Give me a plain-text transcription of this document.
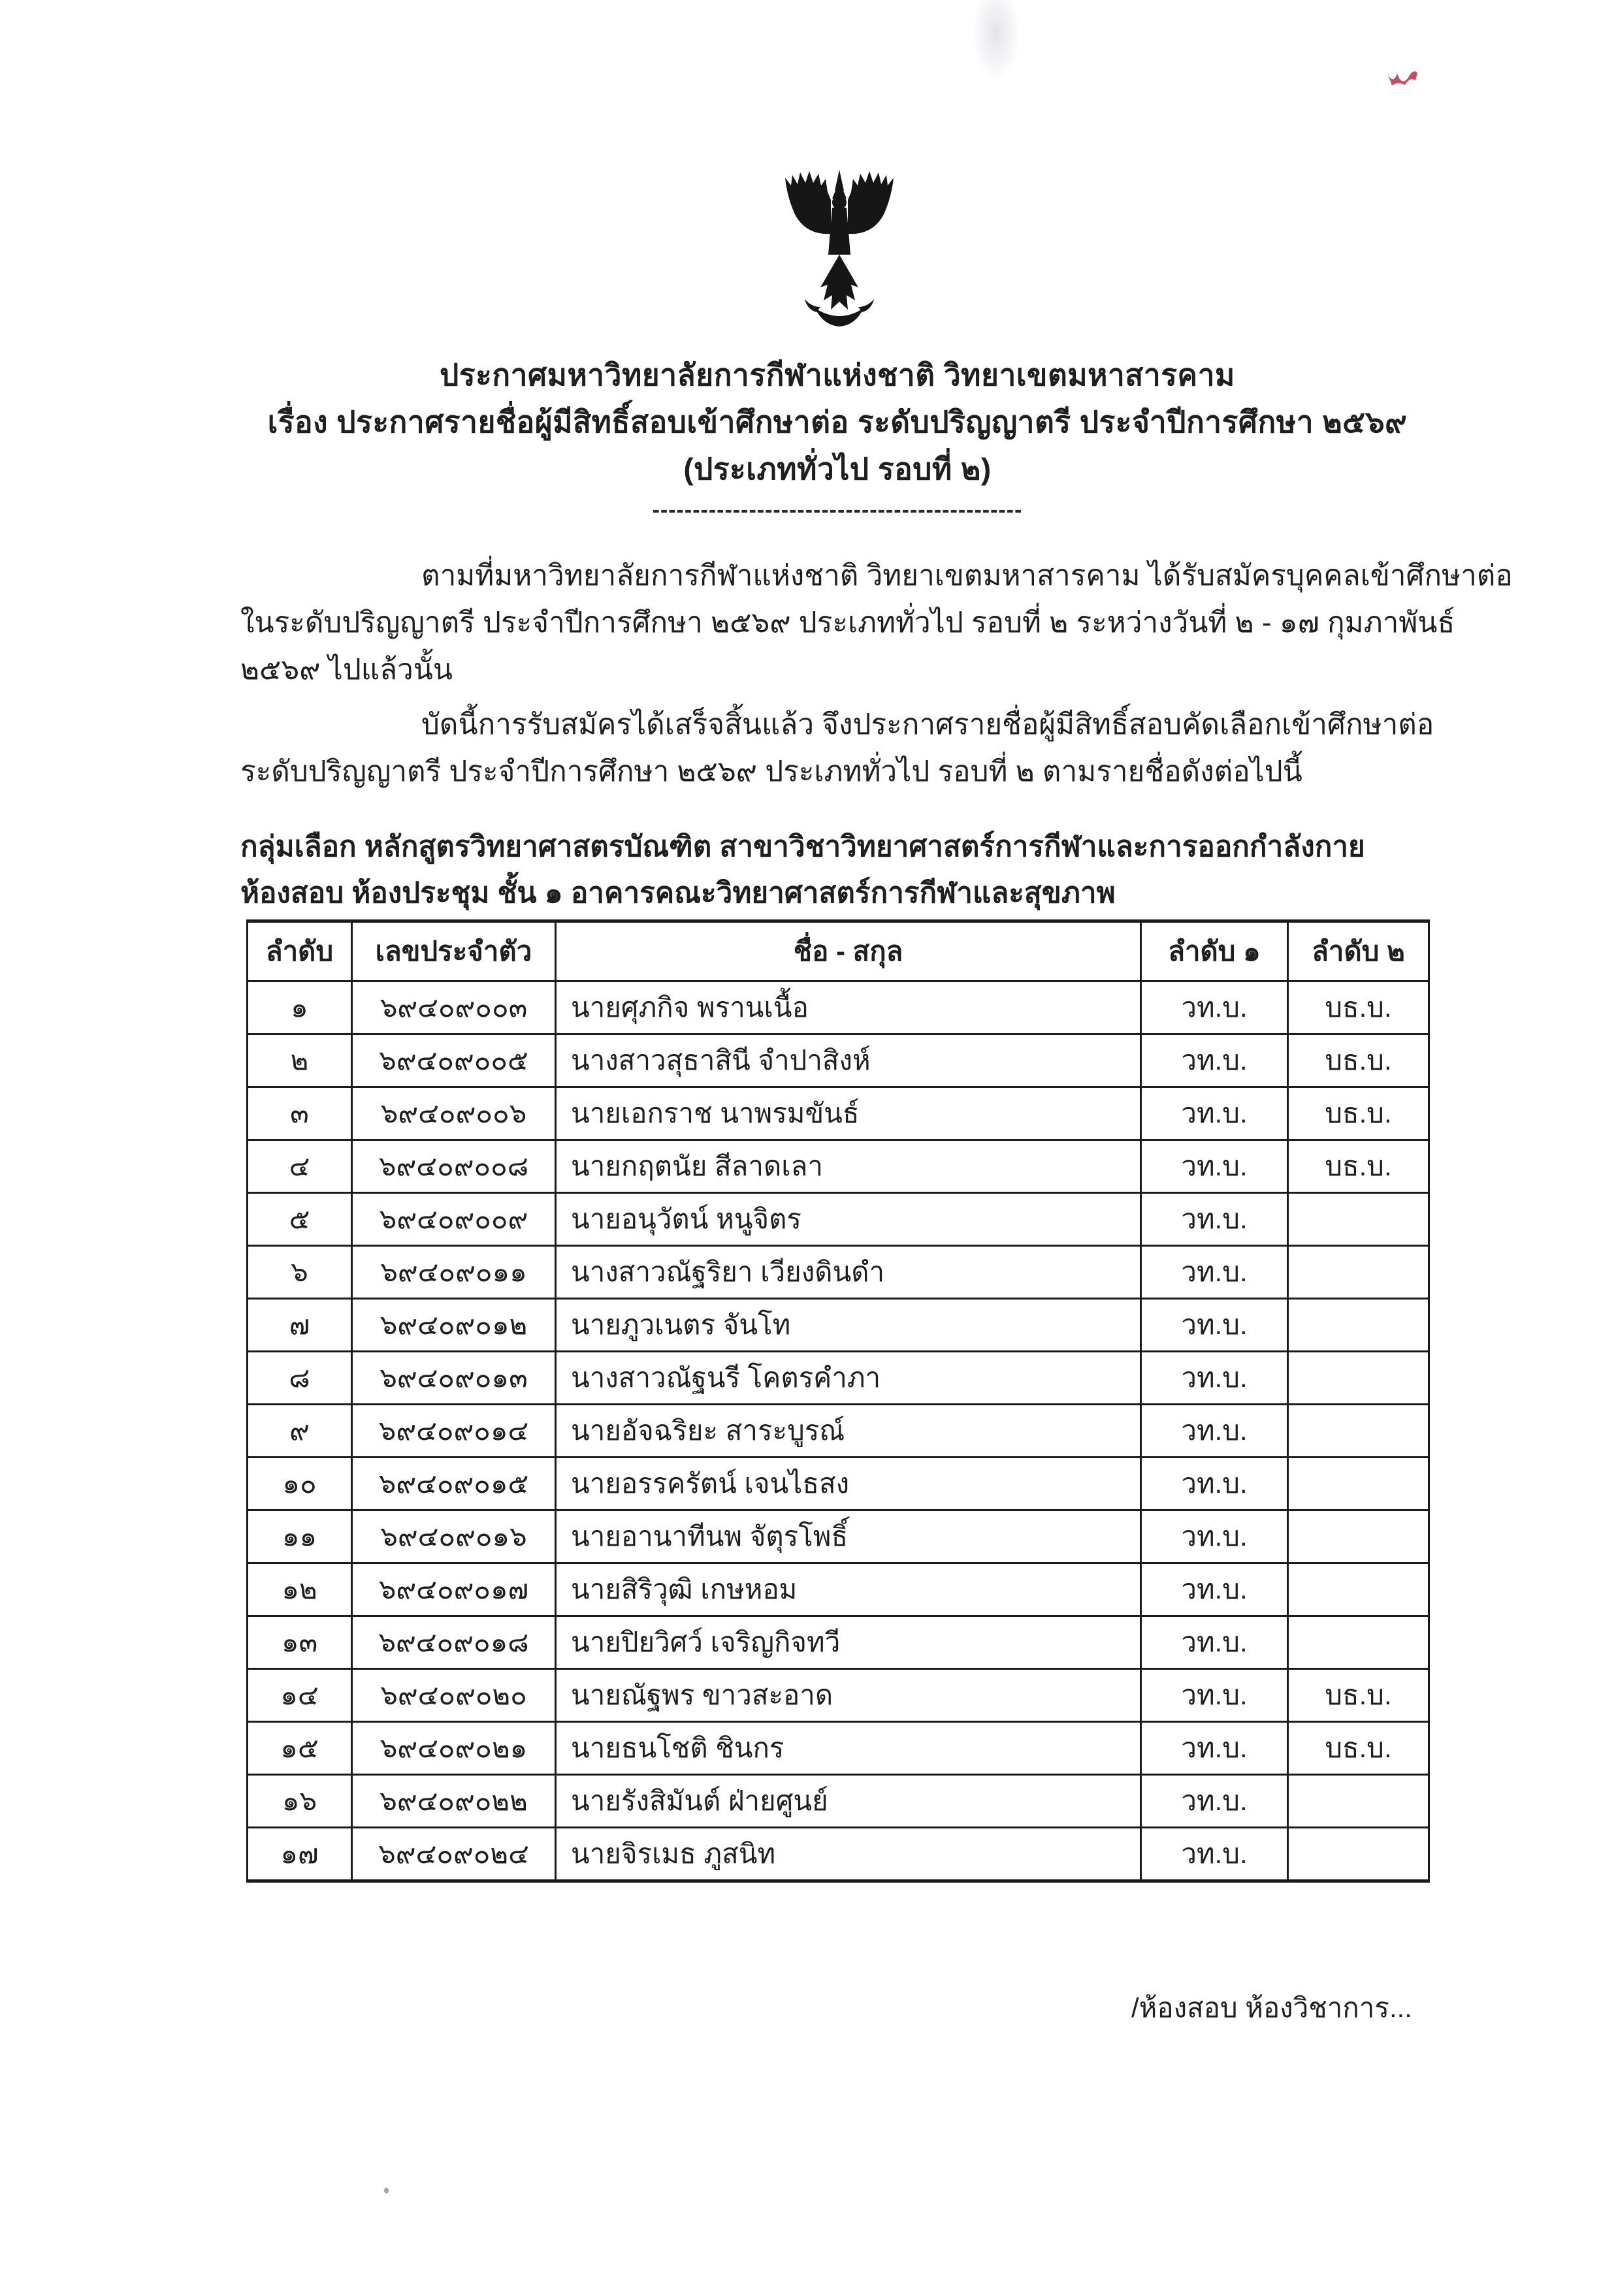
ประกาศมหาวิทยาลัยการกีฬาแห่งชาติ วิทยาเขตมหาสารคาม
เรื่อง ประกาศรายชื่อผู้มีสิทธิ์สอบเข้าศึกษาต่อ ระดับปริญญาตรี ประจำปีการศึกษา ๒๕๖๙
(ประเภททั่วไป รอบที่ ๒)
----------------------------------------------
ตามที่มหาวิทยาลัยการกีฬาแห่งชาติ วิทยาเขตมหาสารคาม ได้รับสมัครบุคคลเข้าศึกษาต่อ
ในระดับปริญญาตรี ประจำปีการศึกษา ๒๕๖๙ ประเภททั่วไป รอบที่ ๒ ระหว่างวันที่ ๒ - ๑๗ กุมภาพันธ์
๒๕๖๙ ไปแล้วนั้น
บัดนี้การรับสมัครได้เสร็จสิ้นแล้ว จึงประกาศรายชื่อผู้มีสิทธิ์สอบคัดเลือกเข้าศึกษาต่อ
ระดับปริญญาตรี ประจำปีการศึกษา ๒๕๖๙ ประเภททั่วไป รอบที่ ๒ ตามรายชื่อดังต่อไปนี้
กลุ่มเลือก หลักสูตรวิทยาศาสตรบัณฑิต สาขาวิชาวิทยาศาสตร์การกีฬาและการออกกำลังกาย
ห้องสอบ ห้องประชุม ชั้น ๑ อาคารคณะวิทยาศาสตร์การกีฬาและสุขภาพ
ลำดับ	เลขประจำตัว	ชื่อ - สกุล	ลำดับ ๑	ลำดับ ๒
๑	๖๙๔๐๙๐๐๓	นายศุภกิจ พรานเนื้อ	วท.บ.	บธ.บ.
๒	๖๙๔๐๙๐๐๕	นางสาวสุธาสินี จำปาสิงห์	วท.บ.	บธ.บ.
๓	๖๙๔๐๙๐๐๖	นายเอกราช นาพรมขันธ์	วท.บ.	บธ.บ.
๔	๖๙๔๐๙๐๐๘	นายกฤตนัย สีลาดเลา	วท.บ.	บธ.บ.
๕	๖๙๔๐๙๐๐๙	นายอนุวัตน์ หนูจิตร	วท.บ.	
๖	๖๙๔๐๙๐๑๑	นางสาวณัฐริยา เวียงดินดำ	วท.บ.	
๗	๖๙๔๐๙๐๑๒	นายภูวเนตร จันโท	วท.บ.	
๘	๖๙๔๐๙๐๑๓	นางสาวณัฐนรี โคตรคำภา	วท.บ.	
๙	๖๙๔๐๙๐๑๔	นายอัจฉริยะ สาระบูรณ์	วท.บ.	
๑๐	๖๙๔๐๙๐๑๕	นายอรรครัตน์ เจนไธสง	วท.บ.	
๑๑	๖๙๔๐๙๐๑๖	นายอานาทีนพ จัตุรโพธิ์	วท.บ.	
๑๒	๖๙๔๐๙๐๑๗	นายสิริวุฒิ เกษหอม	วท.บ.	
๑๓	๖๙๔๐๙๐๑๘	นายปิยวิศว์ เจริญกิจทวี	วท.บ.	
๑๔	๖๙๔๐๙๐๒๐	นายณัฐพร ขาวสะอาด	วท.บ.	บธ.บ.
๑๕	๖๙๔๐๙๐๒๑	นายธนโชติ ชินกร	วท.บ.	บธ.บ.
๑๖	๖๙๔๐๙๐๒๒	นายรังสิมันต์ ฝ่ายศูนย์	วท.บ.	
๑๗	๖๙๔๐๙๐๒๔	นายจิรเมธ ภูสนิท	วท.บ.	
/ห้องสอบ ห้องวิชาการ...
